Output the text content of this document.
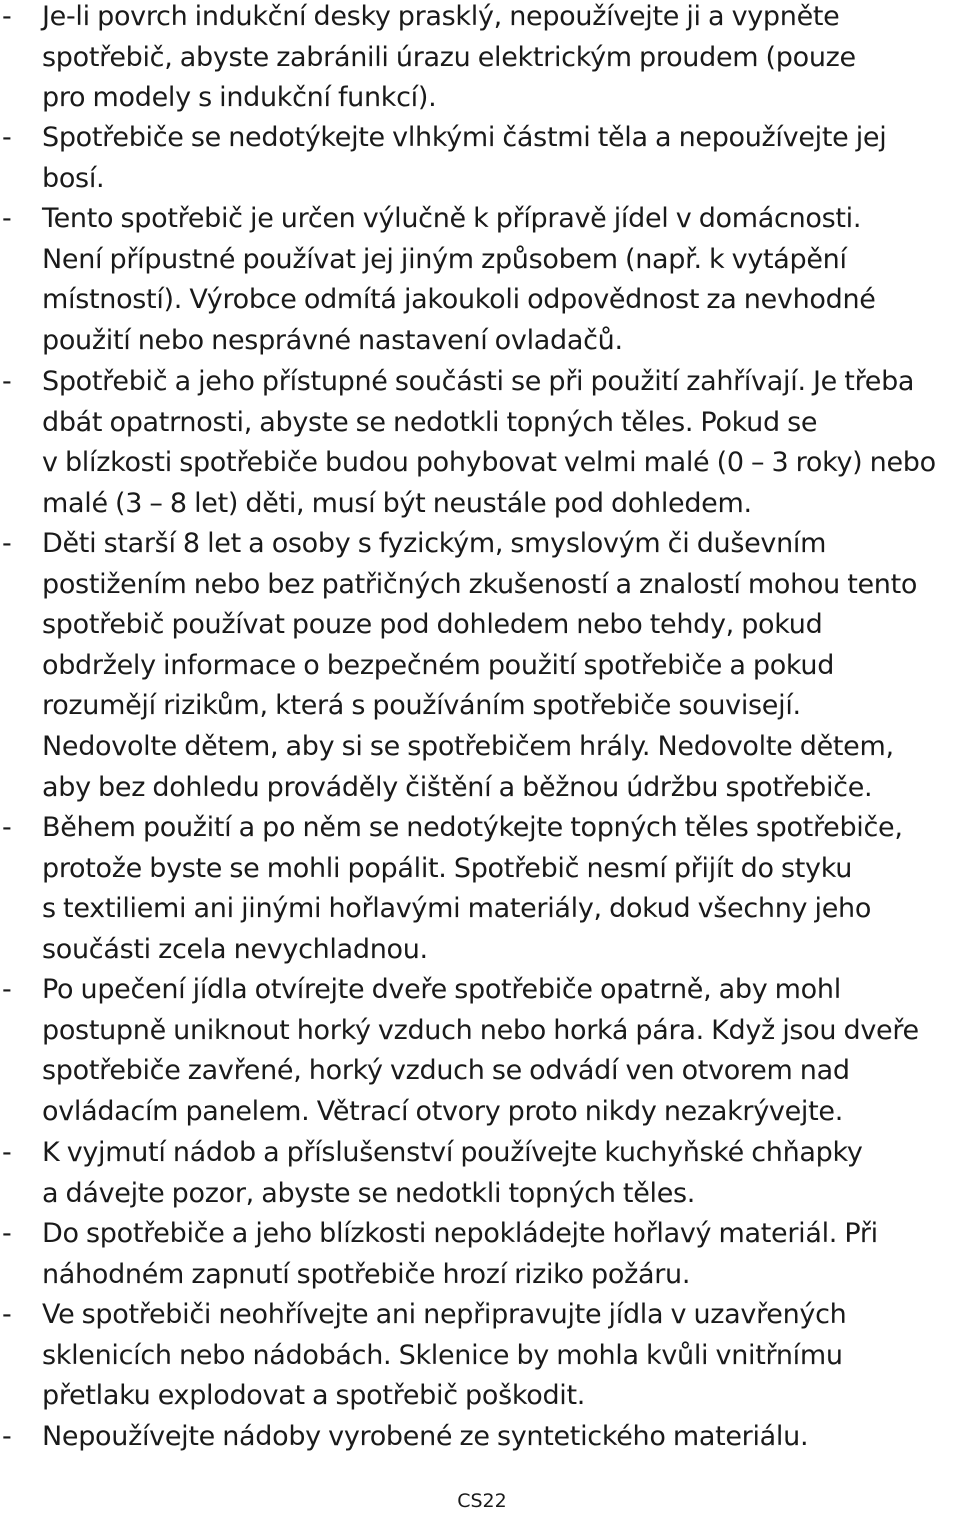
- Je-li povrch indukční desky prasklý, nepoužívejte ji a vypněte
spotřebič, abyste zabránili úrazu elektrickým proudem (pouze
pro modely s indukční funkcí).
- Spotřebiče se nedotýkejte vlhkými částmi těla a nepoužívejte jej
bosí.
- Tento spotřebič je určen výlučně k přípravě jídel v domácnosti.
Není přípustné používat jej jiným způsobem (např. k vytápění
místností). Výrobce odmítá jakoukoli odpovědnost za nevhodné
použití nebo nesprávné nastavení ovladačů.
- Spotřebič a jeho přístupné součásti se při použití zahřívají. Je třeba
dbát opatrnosti, abyste se nedotkli topných těles. Pokud se
v blízkosti spotřebiče budou pohybovat velmi malé (0 – 3 roky) nebo
malé (3 – 8 let) děti, musí být neustále pod dohledem.
- Děti starší 8 let a osoby s fyzickým, smyslovým či duševním
postižením nebo bez patřičných zkušeností a znalostí mohou tento
spotřebič používat pouze pod dohledem nebo tehdy, pokud
obdržely informace o bezpečném použití spotřebiče a pokud
rozumějí rizikům, která s používáním spotřebiče souvisejí.
Nedovolte dětem, aby si se spotřebičem hrály. Nedovolte dětem,
aby bez dohledu prováděly čištění a běžnou údržbu spotřebiče.
- Během použití a po něm se nedotýkejte topných těles spotřebiče,
protože byste se mohli popálit. Spotřebič nesmí přijít do styku
s textiliemi ani jinými hořlavými materiály, dokud všechny jeho
součásti zcela nevychladnou.
- Po upečení jídla otvírejte dveře spotřebiče opatrně, aby mohl
postupně uniknout horký vzduch nebo horká pára. Když jsou dveře
spotřebiče zavřené, horký vzduch se odvádí ven otvorem nad
ovládacím panelem. Větrací otvory proto nikdy nezakrývejte.
- K vyjmutí nádob a příslušenství používejte kuchyňské chňapky
a dávejte pozor, abyste se nedotkli topných těles.
- Do spotřebiče a jeho blízkosti nepokládejte hořlavý materiál. Při
náhodném zapnutí spotřebiče hrozí riziko požáru.
- Ve spotřebiči neohřívejte ani nepřipravujte jídla v uzavřených
sklenicích nebo nádobách. Sklenice by mohla kvůli vnitřnímu
přetlaku explodovat a spotřebič poškodit.
- Nepoužívejte nádoby vyrobené ze syntetického materiálu.
CS22
